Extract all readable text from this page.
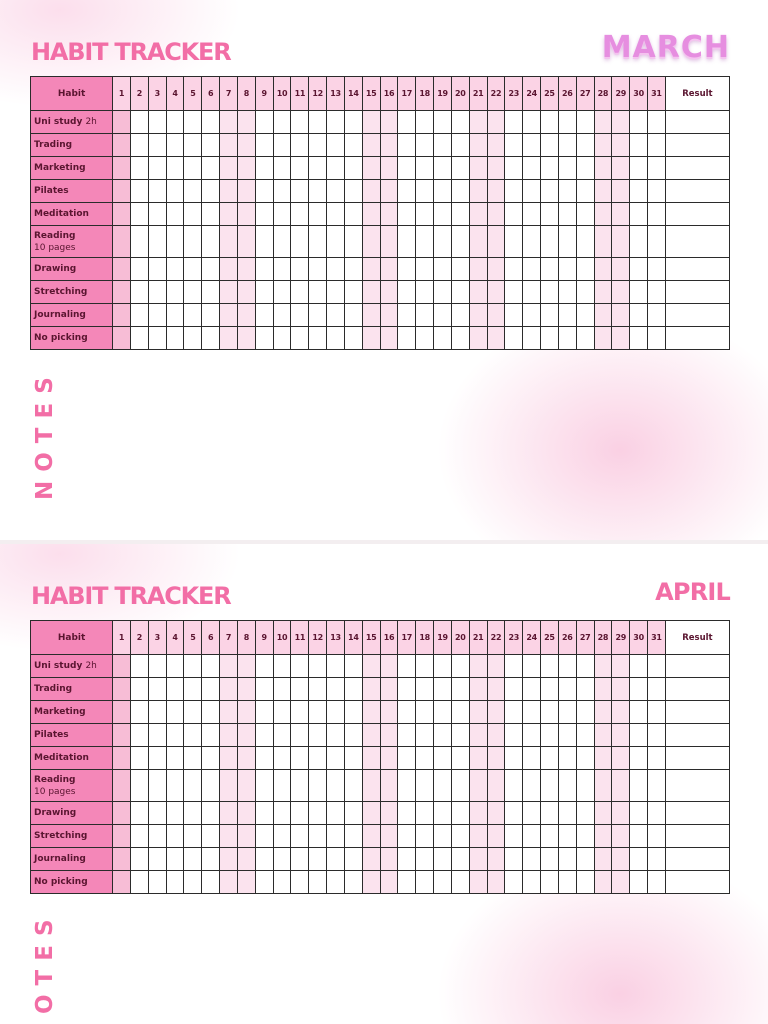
HABIT TRACKER	MARCH
Habit	1	2	3	4	5	6	7	8	9	10	11	12	13	14	15	16	17	18	19	20	21	22	23	24	25	26	27	28	29	30	31	Result
Uni study 2h																																
Trading																																
Marketing																																
Pilates																																
Meditation																																
Reading
10 pages																																

Drawing																																
Stretching																																
Journaling																																
No picking																																

NOTES

HABIT TRACKER	APRIL
Habit	1	2	3	4	5	6	7	8	9	10	11	12	13	14	15	16	17	18	19	20	21	22	23	24	25	26	27	28	29	30	31	Result
Uni study 2h																																
Trading																																
Marketing																																
Pilates																																
Meditation																																
Reading
10 pages																																

Drawing																																
Stretching																																
Journaling																																
No picking																																

OTES
